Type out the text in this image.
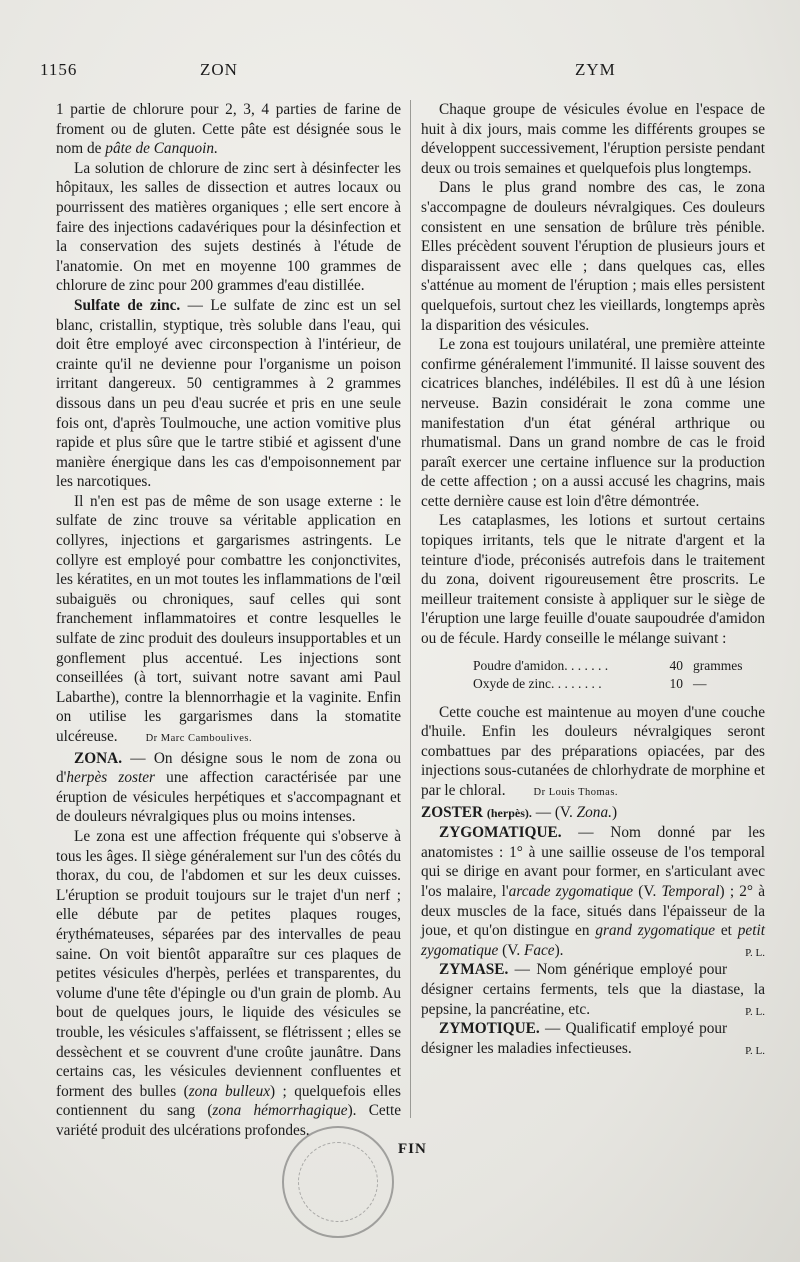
1156	ZON	ZYM

1 partie de chlorure pour 2, 3, 4 parties de farine de froment ou de gluten. Cette pâte est désignée sous le nom de pâte de Canquoin.

La solution de chlorure de zinc sert à désinfecter les hôpitaux, les salles de dissection et autres locaux ou pourrissent des matières organiques ; elle sert encore à faire des injections cadavériques pour la désinfection et la conservation des sujets destinés à l'étude de l'anatomie. On met en moyenne 100 grammes de chlorure de zinc pour 200 grammes d'eau distillée.

Sulfate de zinc. — Le sulfate de zinc est un sel blanc, cristallin, styptique, très soluble dans l'eau, qui doit être employé avec circonspection à l'intérieur, de crainte qu'il ne devienne pour l'organisme un poison irritant dangereux. 50 centigrammes à 2 grammes dissous dans un peu d'eau sucrée et pris en une seule fois ont, d'après Toulmouche, une action vomitive plus rapide et plus sûre que le tartre stibié et agissent d'une manière énergique dans les cas d'empoisonnement par les narcotiques.

Il n'en est pas de même de son usage externe : le sulfate de zinc trouve sa véritable application en collyres, injections et gargarismes astringents. Le collyre est employé pour combattre les conjonctivites, les kératites, en un mot toutes les inflammations de l'œil subaiguës ou chroniques, sauf celles qui sont franchement inflammatoires et contre lesquelles le sulfate de zinc produit des douleurs insupportables et un gonflement plus accentué. Les injections sont conseillées (à tort, suivant notre savant ami Paul Labarthe), contre la blennorrhagie et la vaginite. Enfin on utilise les gargarismes dans la stomatite ulcéreuse.	Dr Marc Camboulives.

ZONA. — On désigne sous le nom de zona ou d'herpès zoster une affection caractérisée par une éruption de vésicules herpétiques et s'accompagnant et de douleurs névralgiques plus ou moins intenses.

Le zona est une affection fréquente qui s'observe à tous les âges. Il siège généralement sur l'un des côtés du thorax, du cou, de l'abdomen et sur les deux cuisses. L'éruption se produit toujours sur le trajet d'un nerf ; elle débute par de petites plaques rouges, érythémateuses, séparées par des intervalles de peau saine. On voit bientôt apparaître sur ces plaques de petites vésicules d'herpès, perlées et transparentes, du volume d'une tête d'épingle ou d'un grain de plomb. Au bout de quelques jours, le liquide des vésicules se trouble, les vésicules s'affaissent, se flétrissent ; elles se dessèchent et se couvrent d'une croûte jaunâtre. Dans certains cas, les vésicules deviennent confluentes et forment des bulles (zona bulleux) ; quelquefois elles contiennent du sang (zona hémorrhagique). Cette variété produit des ulcérations profondes.

Chaque groupe de vésicules évolue en l'espace de huit à dix jours, mais comme les différents groupes se développent successivement, l'éruption persiste pendant deux ou trois semaines et quelquefois plus longtemps.

Dans le plus grand nombre des cas, le zona s'accompagne de douleurs névralgiques. Ces douleurs consistent en une sensation de brûlure très pénible. Elles précèdent souvent l'éruption de plusieurs jours et disparaissent avec elle ; dans quelques cas, elles s'atténue au moment de l'éruption ; mais elles persistent quelquefois, surtout chez les vieillards, longtemps après la disparition des vésicules.

Le zona est toujours unilatéral, une première atteinte confirme généralement l'immunité. Il laisse souvent des cicatrices blanches, indélébiles. Il est dû à une lésion nerveuse. Bazin considérait le zona comme une manifestation d'un état général arthrique ou rhumatismal. Dans un grand nombre de cas le froid paraît exercer une certaine influence sur la production de cette affection ; on a aussi accusé les chagrins, mais cette dernière cause est loin d'être démontrée.

Les cataplasmes, les lotions et surtout certains topiques irritants, tels que le nitrate d'argent et la teinture d'iode, préconisés autrefois dans le traitement du zona, doivent rigoureusement être proscrits. Le meilleur traitement consiste à appliquer sur le siège de l'éruption une large feuille d'ouate saupoudrée d'amidon ou de fécule. Hardy conseille le mélange suivant :

Poudre d'amidon. . . . . . .	40 grammes
Oxyde de zinc. . . . . . . .	10 —

Cette couche est maintenue au moyen d'une couche d'huile. Enfin les douleurs névralgiques seront combattues par des préparations opiacées, par des injections sous-cutanées de chlorhydrate de morphine et par le chloral.	Dr Louis Thomas.

ZOSTER (herpès). — (V. Zona.)

ZYGOMATIQUE. — Nom donné par les anatomistes : 1° à une saillie osseuse de l'os temporal qui se dirige en avant pour former, en s'articulant avec l'os malaire, l'arcade zygomatique (V. Temporal) ; 2° à deux muscles de la face, situés dans l'épaisseur de la joue, et qu'on distingue en grand zygomatique et petit zygomatique (V. Face).	P. L.

ZYMASE. — Nom générique employé pour désigner certains ferments, tels que la diastase, la pepsine, la pancréatine, etc.	P. L.

ZYMOTIQUE. — Qualificatif employé pour désigner les maladies infectieuses.	P. L.

FIN
